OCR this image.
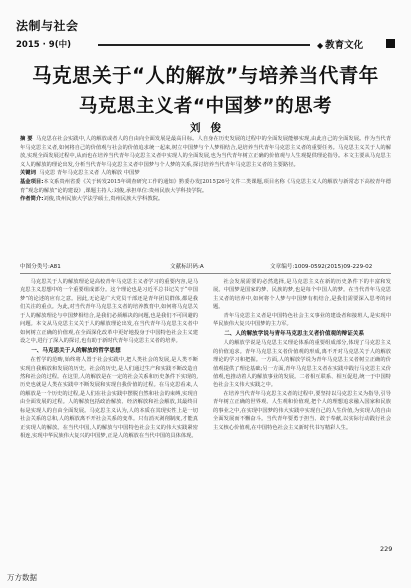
法制与社会
2015 · 9(中)	◆ 教育文化
马克思关于“人的解放”与培养当代青年
马克思主义者“中国梦”的思考
刘俊

摘 要 马克思在社会实践中,人的解放或者人的自由向全面发展是最高目标。人自身在历史发展的过程中的全面发展能够实现,由此自己的全面发展。作为当代青年马克思主义者,如何将自己的价值观与社会的价值追求统一起来,树立中国梦与个人梦相结合,是培养当代青年马克思主义者的重要任务。马克思主义关于人的解放,实现全面发展过程中,从而也在培养当代青年马克思主义者中实现人的全面发展,也为当代青年树立正确的价值观与人生观提供理论指导。本文主要从马克思主义人的解放的理论出发,分析当代青年马克思主义者中国梦与个人梦的关系,探讨培养当代青年马克思主义者的主要路径。

关键词 马克思 青年马克思主义者 人的解放 中国梦

基金项目:本文系贵州省委《关于转发2015年调查研究工作的通知》黔委办发[2015]26号文件二类课题,项目名称《马克思主义人的解放与新常态下高校青年德育“观念的解放”论的建设》,课题主持人:刘俊,承担单位:贵州民族大学科技学院。

作者简介:刘俊,贵州民族大学法学硕士,贵州民族大学科教院。

中图分类号:A81	文献标识码:A	文章编号:1009-0592(2015)09-229-02

马克思关于人的解放理论是高校青年马克思主义者学习的重要内容,是马克思主义思想中的一个重要组成部分。这个理论也是习近平总书记关于“中国梦”的论述的应有之意。因此,无论是广大党员干部还是青年团员群体,都是我们关注的重点。为此,对当代青年马克思主义者的培养教育中,如何将马克思关于人的解放理论与中国梦相结合,是我们必须解决的问题,也是我们不可回避的问题。本文从马克思主义关于人的解放理论出发,在当代青年马克思主义者中如何树立正确的价值观,在全面深化改革中更好地投身于中国特色社会主义建设之中,进行了深入的探讨,也有助于新时代青年马克思主义者的培养。

一、马克思关于人的解放的哲学思想

在哲学的范畴,始终将人置于社会实践中,把人类社会的发展,是人类不断实现自我解放和发展的历史。社会的历史,是人们通过生产和实践不断改造自然和社会的过程。在这里,人的解放是在一定的社会关系和历史条件下实现的,历史也就是人类在实践中不断发展和实现自我价值的过程。在马克思看来,人的解放是一个历史的过程,是人们在社会实践中摆脱自然和社会的束缚,实现自由全面发展的过程。人的解放包括政治解放、经济解放和社会解放,其最终目标是实现人的自由全面发展。马克思主义认为,人的本质在其现实性上是一切社会关系的总和,人的解放离不开社会关系的变革。只有消灭剥削制度,才能真正实现人的解放。在当代中国,人的解放与中国特色社会主义的伟大实践紧密相连,实现中华民族伟大复兴的中国梦,正是人的解放在当代中国的具体体现。

社会发展需要的必然选择,是马克思主义在新的历史条件下的丰富和发展。中国梦是国家的梦、民族的梦,也是每个中国人的梦。在当代青年马克思主义者的培养中,如何将个人梦与中国梦有机结合,是我们需要深入思考的问题。

青年马克思主义者是中国特色社会主义事业的建设者和接班人,是实现中华民族伟大复兴中国梦的主力军。

二、人的解放学说与青年马克思主义者价值观的辩证关系

人的解放学说是马克思主义理论体系的重要组成部分,体现了马克思主义的价值追求。青年马克思主义者价值观的形成,离不开对马克思关于人的解放理论的学习和把握。一方面,人的解放学说为青年马克思主义者树立正确的价值观提供了理论基础;另一方面,青年马克思主义者在实践中践行马克思主义价值观,也推动着人的解放事业的发展。二者相互联系、相互促进,统一于中国特色社会主义伟大实践之中。

在培养当代青年马克思主义者的过程中,要坚持以马克思主义为指导,引导青年树立正确的世界观、人生观和价值观,把个人的理想追求融入国家和民族的事业之中,在实现中国梦的伟大实践中实现自己的人生价值,为实现人的自由全面发展而不懈奋斗。当代青年要勇于担当、敢于奉献,以实际行动践行社会主义核心价值观,在中国特色社会主义新时代书写精彩人生。

229
万方数据
